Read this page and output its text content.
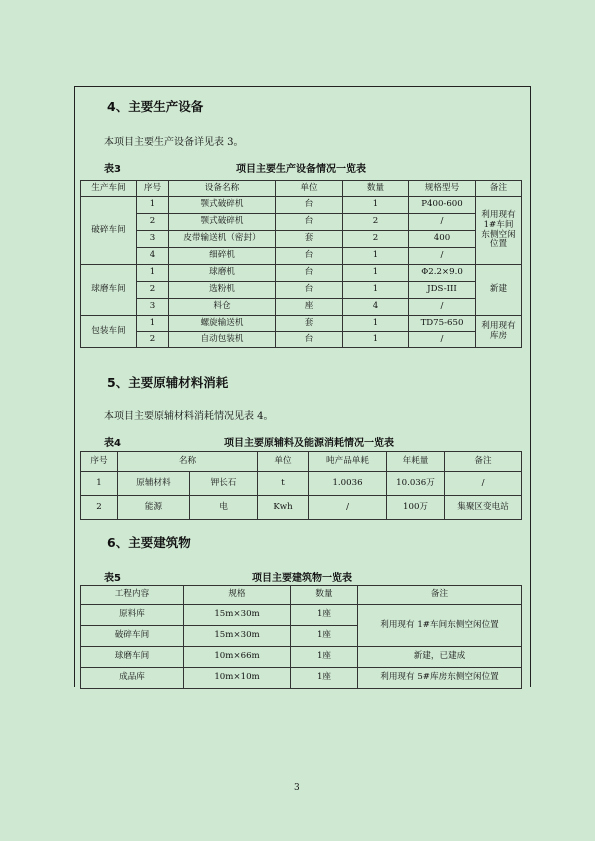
4、主要生产设备
本项目主要生产设备详见表 3。
表3	项目主要生产设备情况一览表
生产车间	序号	设备名称	单位	数量	规格型号	备注
破碎车间	1	颚式破碎机	台	1	P400-600	利用现有1#车间东侧空闲位置
	2	颚式破碎机	台	2	/	
	3	皮带输送机（密封）	套	2	400	
	4	细碎机	台	1	/	
球磨车间	1	球磨机	台	1	Φ2.2×9.0	新建
	2	选粉机	台	1	JDS-III	
	3	料仓	座	4	/	
包装车间	1	螺旋输送机	套	1	TD75-650	利用现有库房
	2	自动包装机	台	1	/	
5、主要原辅材料消耗
本项目主要原辅材料消耗情况见表 4。
表4	项目主要原辅料及能源消耗情况一览表
序号	名称		单位	吨产品单耗	年耗量	备注
1	原辅材料	钾长石	t	1.0036	10.036万	/
2	能源	电	Kwh	/	100万	集聚区变电站
6、主要建筑物
表5	项目主要建筑物一览表
工程内容	规格	数量	备注
原料库	15m×30m	1座	利用现有 1#车间东侧空闲位置
破碎车间	15m×30m	1座	
球磨车间	10m×66m	1座	新建，已建成
成品库	10m×10m	1座	利用现有 5#库房东侧空闲位置
3
